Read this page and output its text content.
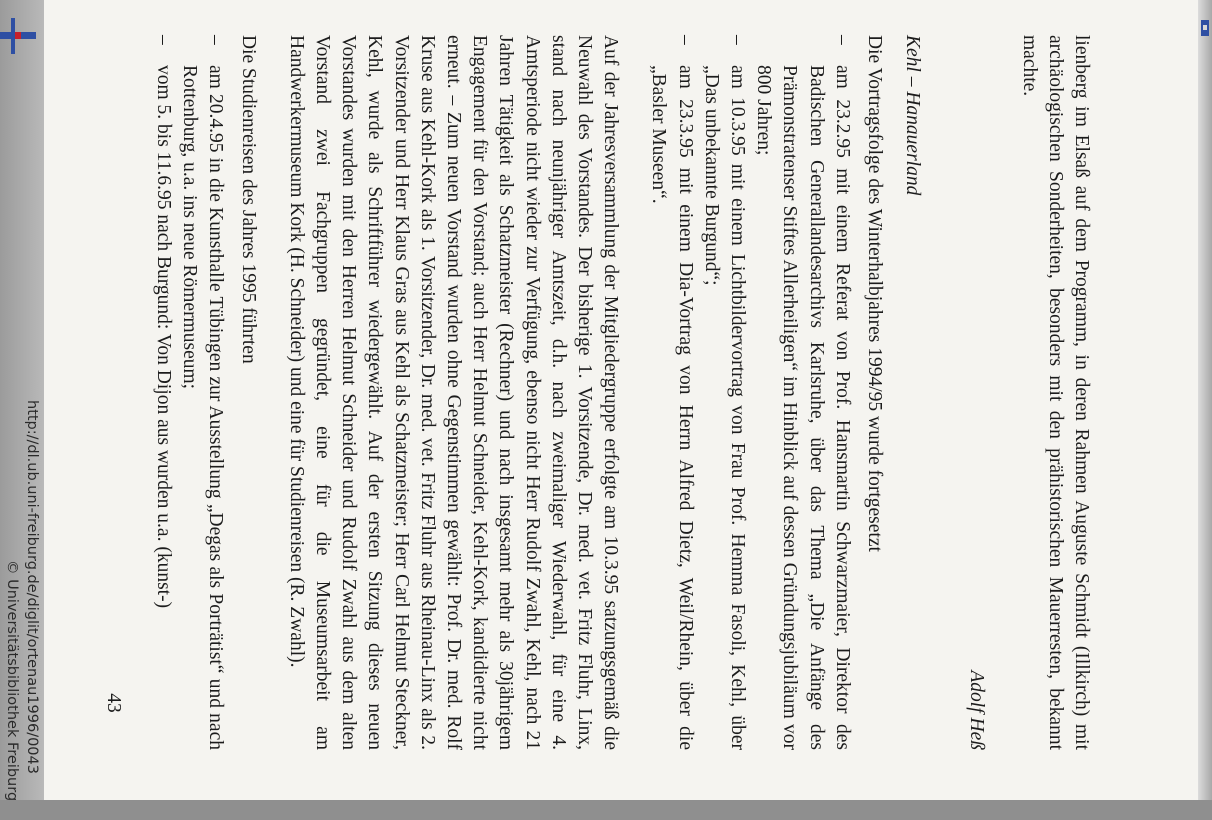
lienberg im Elsaß auf dem Programm, in deren Rahmen Auguste Schmidt (Illkirch) mit archäologischen Sonderheiten, besonders mit den prähistorischen Mauerresten, bekannt machte.

Adolf Heß

Kehl – Hanauerland

Die Vortragsfolge des Winterhalbjahres 1994/95 wurde fortgesetzt

–
am 23.2.95 mit einem Referat von Prof. Hansmartin Schwarzmaier, Direktor des Badischen Generallandesarchivs Karlsruhe, über das Thema „Die Anfänge des Prämonstratenser Stiftes Allerheiligen“ im Hinblick auf dessen Gründungsjubiläum vor 800 Jahren;
–
am 10.3.95 mit einem Lichtbildervortrag von Frau Prof. Hemma Fasoli, Kehl, über „Das unbekannte Burgund“;
–
am 23.3.95 mit einem Dia-Vortrag von Herrn Alfred Dietz, Weil/Rhein, über die „Basler Museen“.

Auf der Jahresversammlung der Mitgliedergruppe erfolgte am 10.3.95 satzungsgemäß die Neuwahl des Vorstandes. Der bisherige 1. Vorsitzende, Dr. med. vet. Fritz Fluhr, Linx, stand nach neunjähriger Amtszeit, d.h. nach zweimaliger Wiederwahl, für eine 4. Amtsperiode nicht wieder zur Verfügung, ebenso nicht Herr Rudolf Zwahl, Kehl, nach 21 Jahren Tätigkeit als Schatzmeister (Rechner) und nach insgesamt mehr als 30jährigem Engagement für den Vorstand; auch Herr Helmut Schneider, Kehl-Kork, kandidierte nicht erneut. – Zum neuen Vorstand wurden ohne Gegenstimmen gewählt: Prof. Dr. med. Rolf Kruse aus Kehl-Kork als 1. Vorsitzender, Dr. med. vet. Fritz Fluhr aus Rheinau-Linx als 2. Vorsitzender und Herr Klaus Gras aus Kehl als Schatzmeister; Herr Carl Helmut Steckner, Kehl, wurde als Schriftführer wiedergewählt. Auf der ersten Sitzung dieses neuen Vorstandes wurden mit den Herren Helmut Schneider und Rudolf Zwahl aus dem alten Vorstand zwei Fachgruppen gegründet, eine für die Museumsarbeit am Handwerkermuseum Kork (H. Schneider) und eine für Studienreisen (R. Zwahl).

Die Studienreisen des Jahres 1995 führten

–
am 20.4.95 in die Kunsthalle Tübingen zur Ausstellung „Degas als Porträtist“ und nach Rottenburg, u.a. ins neue Römermuseum;
–
vom 5. bis 11.6.95 nach Burgund: Von Dijon aus wurden u.a. (kunst-)
43
http://dl.ub.uni-freiburg.de/diglit/ortenau1996/0043
© Universitätsbibliothek Freiburg
